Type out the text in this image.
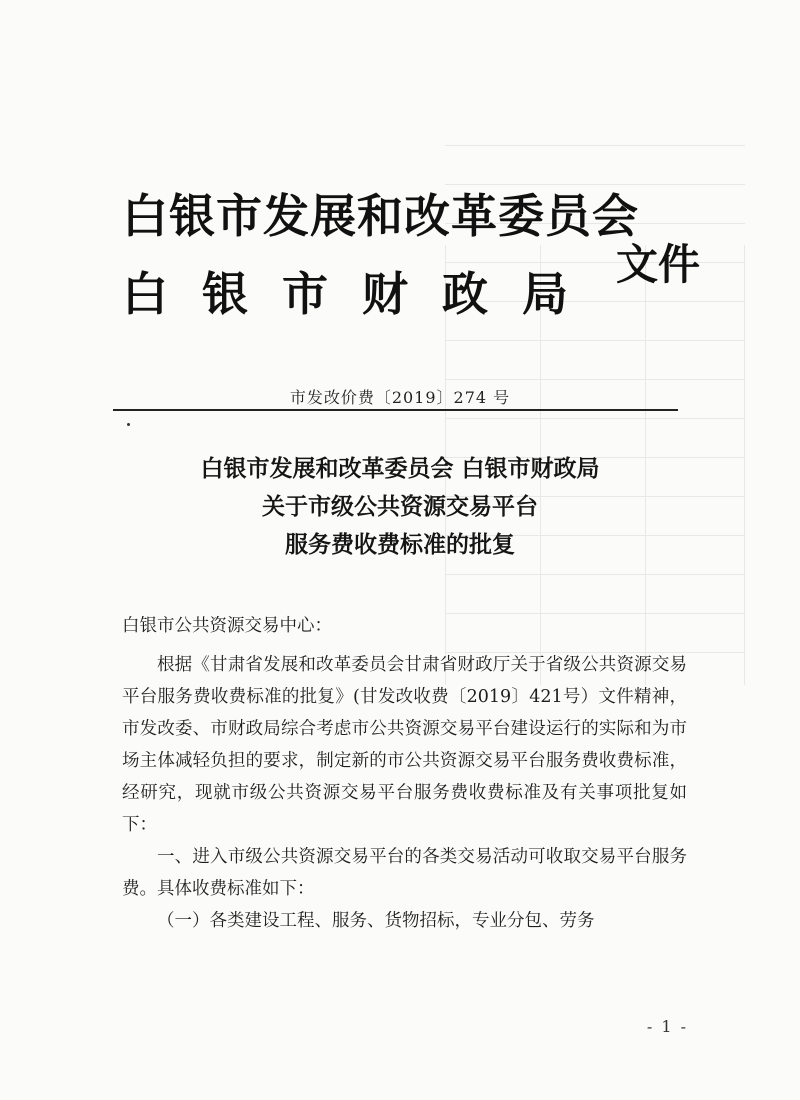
白银市发展和改革委员会
白银市财政局
文件
市发改价费〔2019〕274 号
白银市发展和改革委员会 白银市财政局
关于市级公共资源交易平台
服务费收费标准的批复

白银市公共资源交易中心：

根据《甘肃省发展和改革委员会甘肃省财政厅关于省级公共资源交易平台服务费收费标准的批复》(甘发改收费〔2019〕421号）文件精神，市发改委、市财政局综合考虑市公共资源交易平台建设运行的实际和为市场主体减轻负担的要求，制定新的市公共资源交易平台服务费收费标准，经研究，现就市级公共资源交易平台服务费收费标准及有关事项批复如下：

一、进入市级公共资源交易平台的各类交易活动可收取交易平台服务费。具体收费标准如下：

（一）各类建设工程、服务、货物招标，专业分包、劳务

- 1 -
